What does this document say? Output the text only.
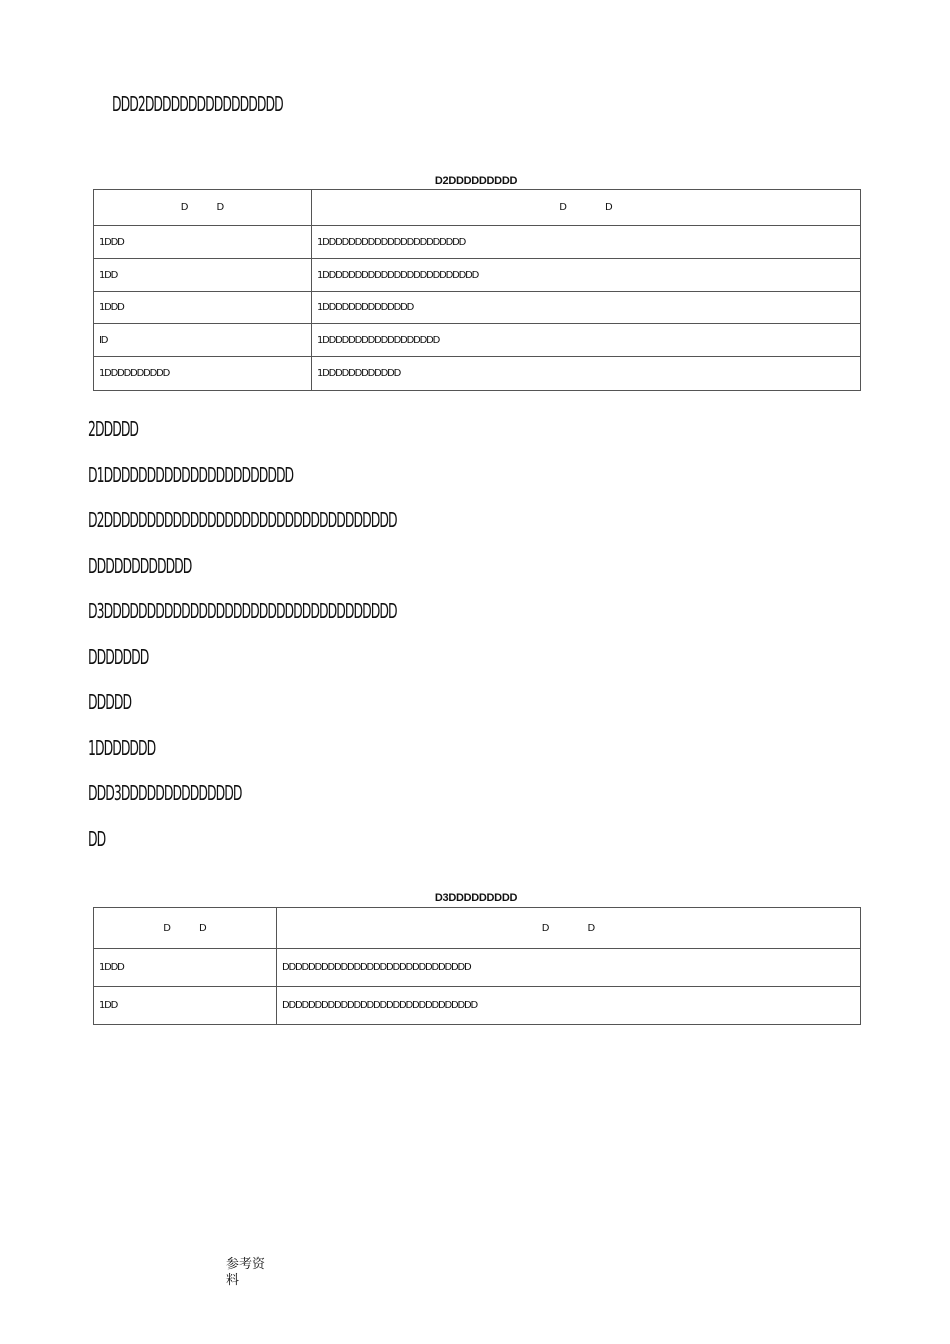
DDD2DDDDDDDDDDDDDDDD
D2DDDDDDDDD
D D	D D
1DDD	1DDDDDDDDDDDDDDDDDDDDDD
1DD	1DDDDDDDDDDDDDDDDDDDDDDDD
1DDD	1DDDDDDDDDDDDDD
ID	1DDDDDDDDDDDDDDDDDD
1DDDDDDDDDD	1DDDDDDDDDDDD
2DDDDD
D1DDDDDDDDDDDDDDDDDDDDDD
D2DDDDDDDDDDDDDDDDDDDDDDDDDDDDDDDDDD
DDDDDDDDDDDD
D3DDDDDDDDDDDDDDDDDDDDDDDDDDDDDDDDDD
DDDDDDD
DDDDD
1DDDDDDD
DDD3DDDDDDDDDDDDDD
DD
D3DDDDDDDDD
D D	D D
1DDD	DDDDDDDDDDDDDDDDDDDDDDDDDDDDD
1DD	DDDDDDDDDDDDDDDDDDDDDDDDDDDDDD
参考资料
